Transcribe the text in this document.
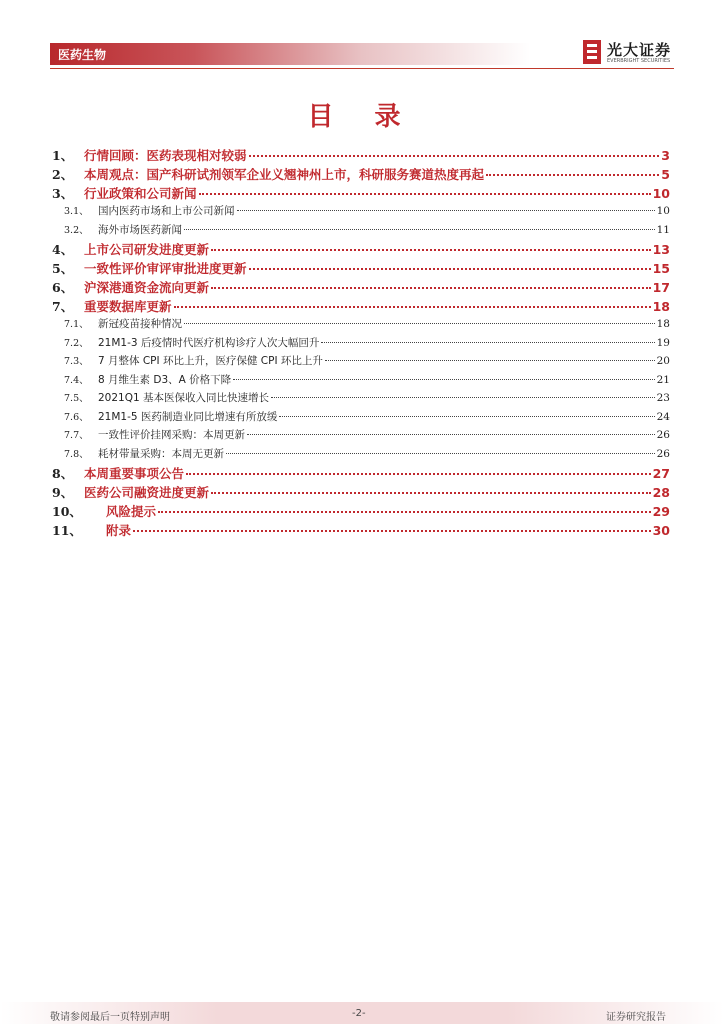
医药生物	光大证券
EVERBRIGHT SECURITIES
目 录
1、 行情回顾：医药表现相对较弱	3
2、 本周观点：国产科研试剂领军企业义翘神州上市，科研服务赛道热度再起	5
3、 行业政策和公司新闻	10
3.1、 国内医药市场和上市公司新闻	10
3.2、 海外市场医药新闻	11
4、 上市公司研发进度更新	13
5、 一致性评价审评审批进度更新	15
6、 沪深港通资金流向更新	17
7、 重要数据库更新	18
7.1、 新冠疫苗接种情况	18
7.2、 21M1-3 后疫情时代医疗机构诊疗人次大幅回升	19
7.3、 7 月整体 CPI 环比上升，医疗保健 CPI 环比上升	20
7.4、 8 月维生素 D3、A 价格下降	21
7.5、 2021Q1 基本医保收入同比快速增长	23
7.6、 21M1-5 医药制造业同比增速有所放缓	24
7.7、 一致性评价挂网采购：本周更新	26
7.8、 耗材带量采购：本周无更新	26
8、 本周重要事项公告	27
9、 医药公司融资进度更新	28
10、	风险提示	29
11、	附录	30
敬请参阅最后一页特别声明	-2-	证券研究报告
